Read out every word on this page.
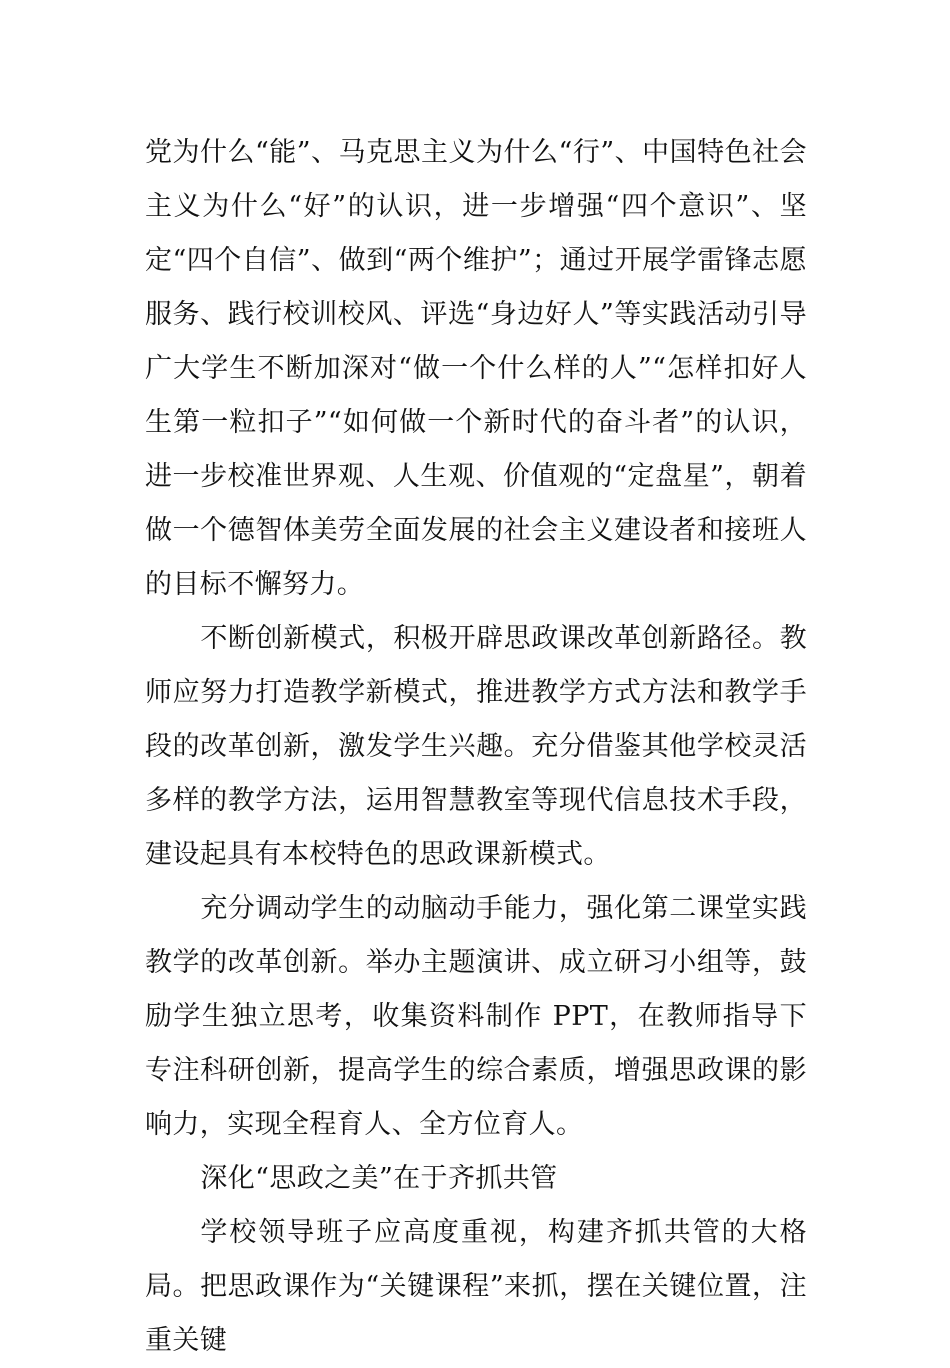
党为什么“能”、马克思主义为什么“行”、中国特色社会主义为什么“好”的认识，进一步增强“四个意识”、坚定“四个自信”、做到“两个维护”；通过开展学雷锋志愿服务、践行校训校风、评选“身边好人”等实践活动引导广大学生不断加深对“做一个什么样的人”“怎样扣好人生第一粒扣子”“如何做一个新时代的奋斗者”的认识，进一步校准世界观、人生观、价值观的“定盘星”，朝着做一个德智体美劳全面发展的社会主义建设者和接班人的目标不懈努力。

不断创新模式，积极开辟思政课改革创新路径。教师应努力打造教学新模式，推进教学方式方法和教学手段的改革创新，激发学生兴趣。充分借鉴其他学校灵活多样的教学方法，运用智慧教室等现代信息技术手段，建设起具有本校特色的思政课新模式。

充分调动学生的动脑动手能力，强化第二课堂实践教学的改革创新。举办主题演讲、成立研习小组等，鼓励学生独立思考，收集资料制作 PPT，在教师指导下专注科研创新，提高学生的综合素质，增强思政课的影响力，实现全程育人、全方位育人。

深化“思政之美”在于齐抓共管

学校领导班子应高度重视，构建齐抓共管的大格局。把思政课作为“关键课程”来抓，摆在关键位置，注重关键
